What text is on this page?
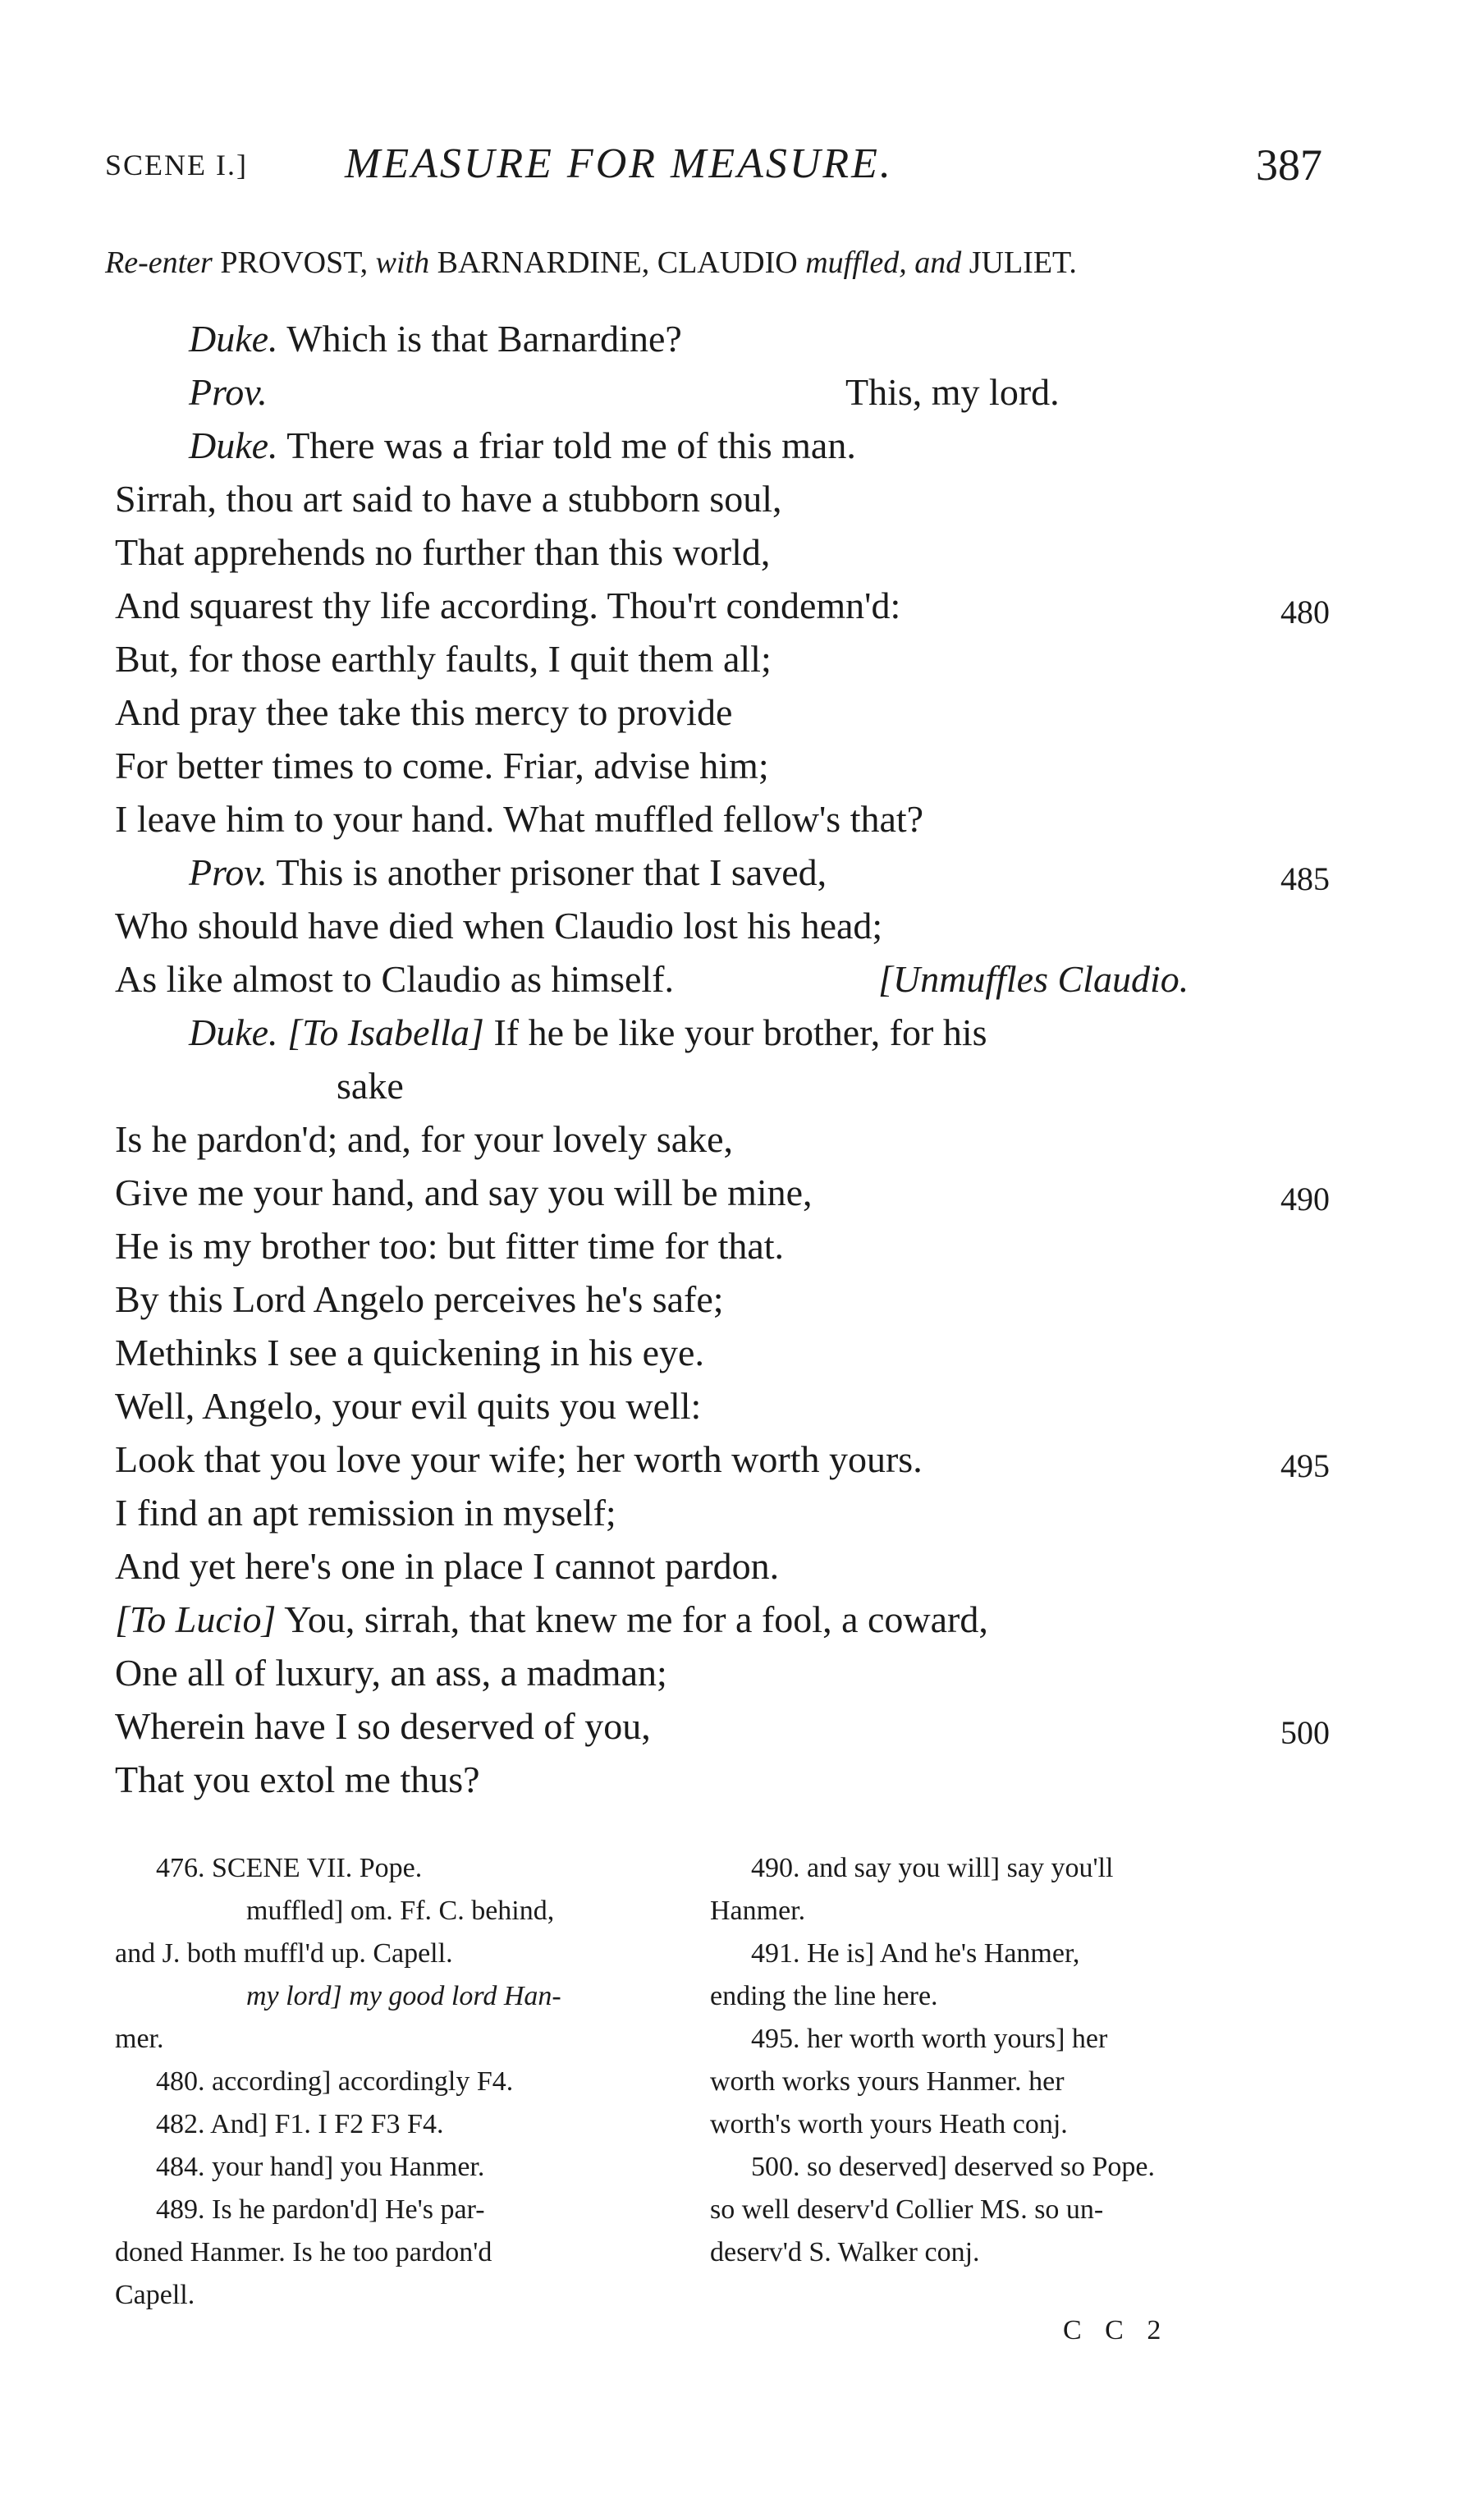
SCENE I.] MEASURE FOR MEASURE.	387
Re-enter PROVOST, with BARNARDINE, CLAUDIO muffled, and JULIET.
Duke. Which is that Barnardine?
Prov.	This, my lord.
Duke. There was a friar told me of this man.
Sirrah, thou art said to have a stubborn soul,
That apprehends no further than this world,
And squarest thy life according. Thou'rt condemn'd:	480
But, for those earthly faults, I quit them all;
And pray thee take this mercy to provide
For better times to come. Friar, advise him;
I leave him to your hand. What muffled fellow's that?
Prov. This is another prisoner that I saved,	485
Who should have died when Claudio lost his head;
As like almost to Claudio as himself.	[Unmuffles Claudio.
Duke. [To Isabella] If he be like your brother, for his
sake
Is he pardon'd; and, for your lovely sake,
Give me your hand, and say you will be mine,	490
He is my brother too: but fitter time for that.
By this Lord Angelo perceives he's safe;
Methinks I see a quickening in his eye.
Well, Angelo, your evil quits you well:
Look that you love your wife; her worth worth yours.	495
I find an apt remission in myself;
And yet here's one in place I cannot pardon.
[To Lucio] You, sirrah, that knew me for a fool, a coward,
One all of luxury, an ass, a madman;
Wherein have I so deserved of you,	500
That you extol me thus?
476. SCENE VII. Pope.
muffled] om. Ff. C. behind,
and J. both muffl'd up. Capell.
my lord] my good lord Han-
mer.
480. according] accordingly F4.
482. And] F1. I F2 F3 F4.
484. your hand] you Hanmer.
489. Is he pardon'd] He's par-
doned Hanmer. Is he too pardon'd
Capell.
490. and say you will] say you'll
Hanmer.
491. He is] And he's Hanmer,
ending the line here.
495. her worth worth yours] her
worth works yours Hanmer. her
worth's worth yours Heath conj.
500. so deserved] deserved so Pope.
so well deserv'd Collier MS. so un-
deserv'd S. Walker conj.
C C 2
